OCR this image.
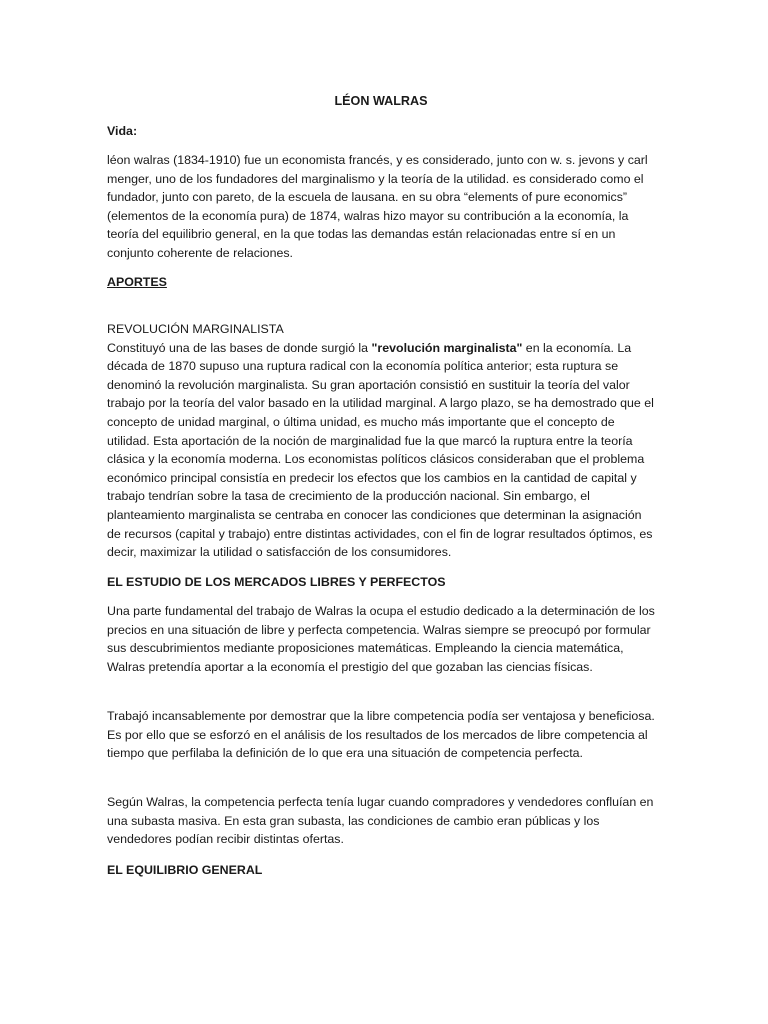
LÉON WALRAS

Vida:

léon walras (1834-1910) fue un economista francés, y es considerado, junto con w. s. jevons y carl menger, uno de los fundadores del marginalismo y la teoría de la utilidad. es considerado como el fundador, junto con pareto, de la escuela de lausana. en su obra “elements of pure economics” (elementos de la economía pura) de 1874, walras hizo mayor su contribución a la economía, la teoría del equilibrio general, en la que todas las demandas están relacionadas entre sí en un conjunto coherente de relaciones.

APORTES

REVOLUCIÓN MARGINALISTA

Constituyó una de las bases de donde surgió la "revolución marginalista" en la economía. La década de 1870 supuso una ruptura radical con la economía política anterior; esta ruptura se denominó la revolución marginalista. Su gran aportación consistió en sustituir la teoría del valor trabajo por la teoría del valor basado en la utilidad marginal. A largo plazo, se ha demostrado que el concepto de unidad marginal, o última unidad, es mucho más importante que el concepto de utilidad. Esta aportación de la noción de marginalidad fue la que marcó la ruptura entre la teoría clásica y la economía moderna. Los economistas políticos clásicos consideraban que el problema económico principal consistía en predecir los efectos que los cambios en la cantidad de capital y trabajo tendrían sobre la tasa de crecimiento de la producción nacional. Sin embargo, el planteamiento marginalista se centraba en conocer las condiciones que determinan la asignación de recursos (capital y trabajo) entre distintas actividades, con el fin de lograr resultados óptimos, es decir, maximizar la utilidad o satisfacción de los consumidores.

EL ESTUDIO DE LOS MERCADOS LIBRES Y PERFECTOS

Una parte fundamental del trabajo de Walras la ocupa el estudio dedicado a la determinación de los precios en una situación de libre y perfecta competencia. Walras siempre se preocupó por formular sus descubrimientos mediante proposiciones matemáticas. Empleando la ciencia matemática, Walras pretendía aportar a la economía el prestigio del que gozaban las ciencias físicas.

Trabajó incansablemente por demostrar que la libre competencia podía ser ventajosa y beneficiosa. Es por ello que se esforzó en el análisis de los resultados de los mercados de libre competencia al tiempo que perfilaba la definición de lo que era una situación de competencia perfecta.

Según Walras, la competencia perfecta tenía lugar cuando compradores y vendedores confluían en una subasta masiva. En esta gran subasta, las condiciones de cambio eran públicas y los vendedores podían recibir distintas ofertas.

EL EQUILIBRIO GENERAL
